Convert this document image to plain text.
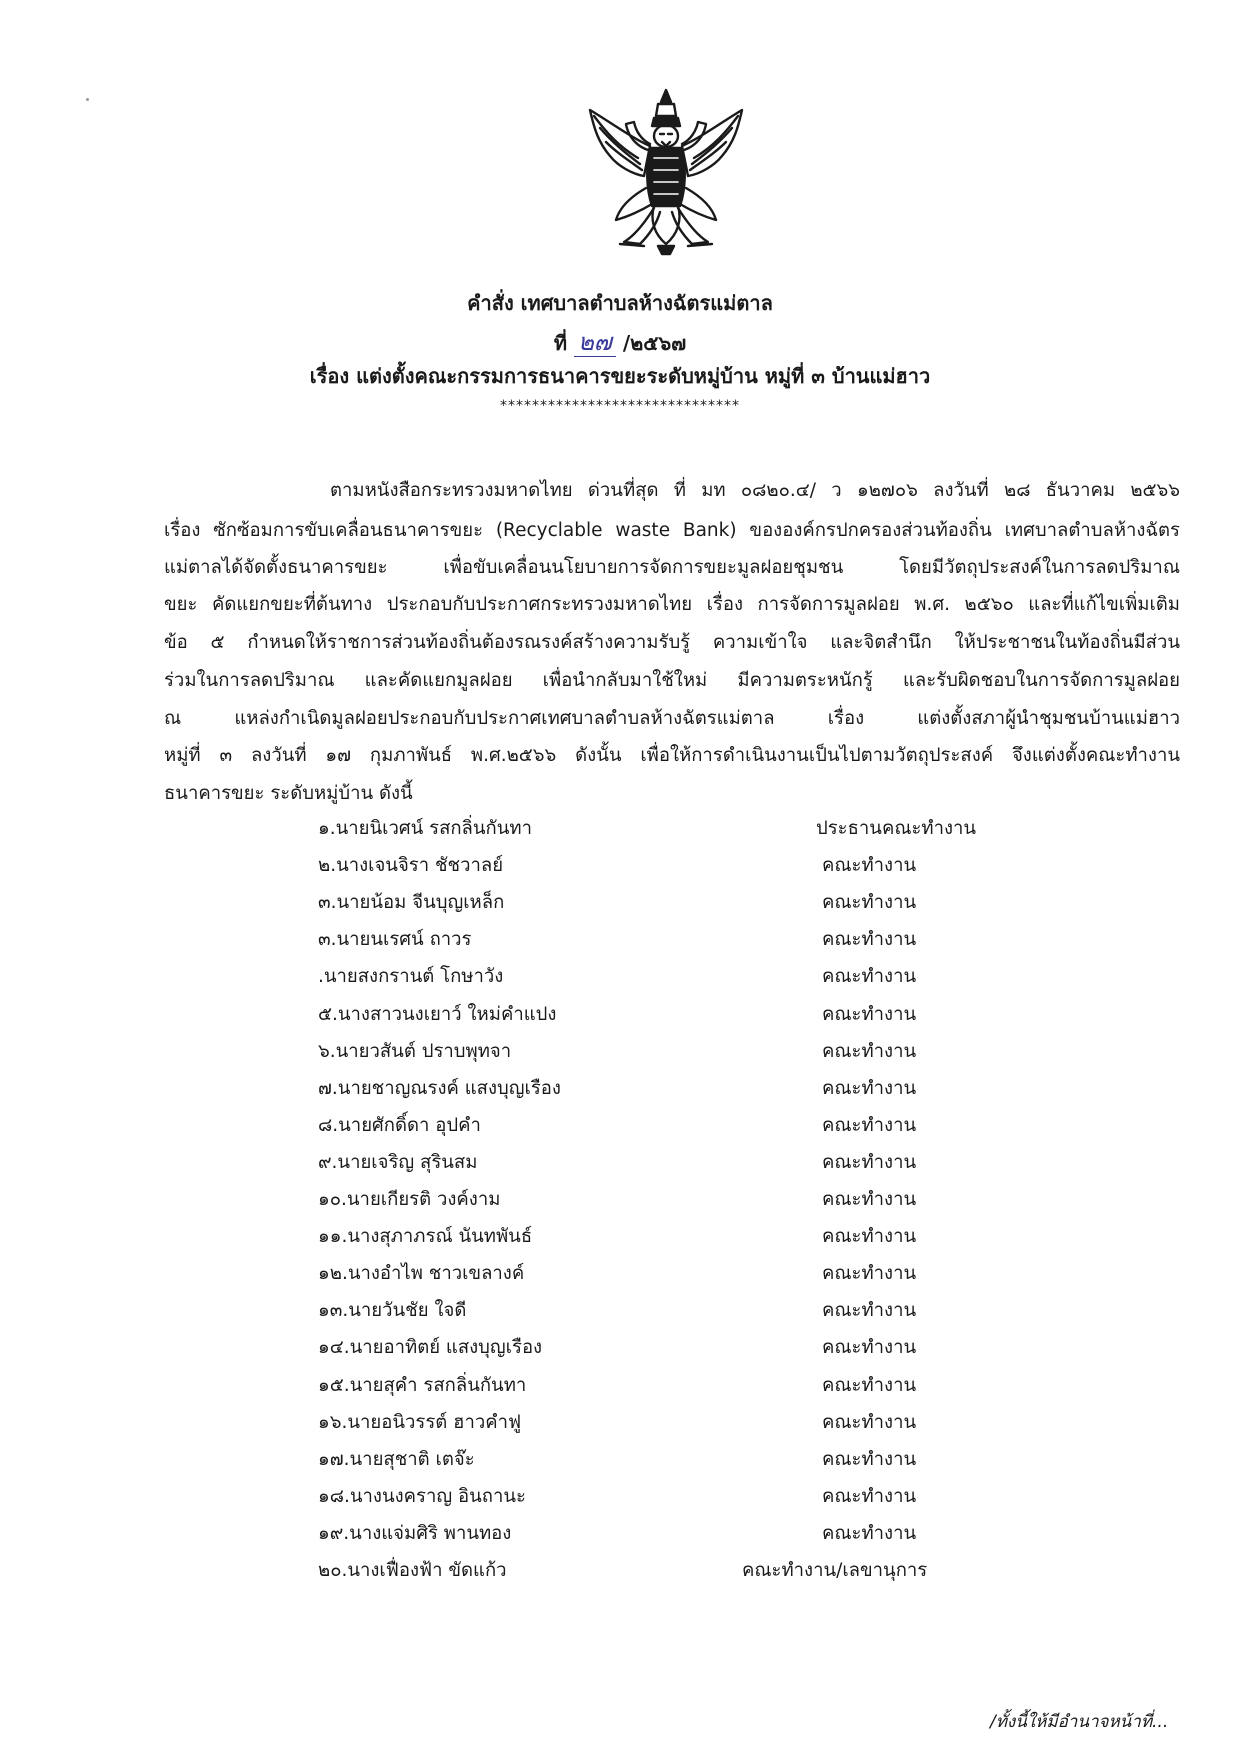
คำสั่ง เทศบาลตำบลห้างฉัตรแม่ตาล
ที่ ๒๗ /๒๕๖๗
เรื่อง แต่งตั้งคณะกรรมการธนาคารขยะระดับหมู่บ้าน หมู่ที่ ๓ บ้านแม่ฮาว
******************************
ตามหนังสือกระทรวงมหาดไทย ด่วนที่สุด ที่ มท ๐๘๒๐.๔/ ว ๑๒๗๐๖ ลงวันที่ ๒๘ ธันวาคม ๒๕๖๖
เรื่อง ซักซ้อมการขับเคลื่อนธนาคารขยะ (Recyclable waste Bank) ขององค์กรปกครองส่วนท้องถิ่น เทศบาลตำบลห้างฉัตร
แม่ตาลได้จัดตั้งธนาคารขยะ เพื่อขับเคลื่อนนโยบายการจัดการขยะมูลฝอยชุมชน โดยมีวัตถุประสงค์ในการลดปริมาณ
ขยะ คัดแยกขยะที่ต้นทาง ประกอบกับประกาศกระทรวงมหาดไทย เรื่อง การจัดการมูลฝอย พ.ศ. ๒๕๖๐ และที่แก้ไขเพิ่มเติม
ข้อ ๕ กำหนดให้ราชการส่วนท้องถิ่นต้องรณรงค์สร้างความรับรู้ ความเข้าใจ และจิตสำนึก ให้ประชาชนในท้องถิ่นมีส่วน
ร่วมในการลดปริมาณ และคัดแยกมูลฝอย เพื่อนำกลับมาใช้ใหม่ มีความตระหนักรู้ และรับผิดชอบในการจัดการมูลฝอย
ณ แหล่งกำเนิดมูลฝอยประกอบกับประกาศเทศบาลตำบลห้างฉัตรแม่ตาล เรื่อง แต่งตั้งสภาผู้นำชุมชนบ้านแม่ฮาว
หมู่ที่ ๓ ลงวันที่ ๑๗ กุมภาพันธ์ พ.ศ.๒๕๖๖ ดังนั้น เพื่อให้การดำเนินงานเป็นไปตามวัตถุประสงค์ จึงแต่งตั้งคณะทำงาน
ธนาคารขยะ ระดับหมู่บ้าน ดังนี้
๑.นายนิเวศน์ รสกลิ่นกันทา	ประธานคณะทำงาน
๒.นางเจนจิรา ชัชวาลย์	คณะทำงาน
๓.นายน้อม จีนบุญเหล็ก	คณะทำงาน
๓.นายนเรศน์ ถาวร	คณะทำงาน
.นายสงกรานต์ โกษาวัง	คณะทำงาน
๕.นางสาวนงเยาว์ ใหม่คำแปง	คณะทำงาน
๖.นายวสันต์ ปราบพุทจา	คณะทำงาน
๗.นายชาญณรงค์ แสงบุญเรือง	คณะทำงาน
๘.นายศักดิ์ดา อุปคำ	คณะทำงาน
๙.นายเจริญ สุรินสม	คณะทำงาน
๑๐.นายเกียรติ วงค์งาม	คณะทำงาน
๑๑.นางสุภาภรณ์ นันทพันธ์	คณะทำงาน
๑๒.นางอำไพ ชาวเขลางค์	คณะทำงาน
๑๓.นายวันชัย ใจดี	คณะทำงาน
๑๔.นายอาทิตย์ แสงบุญเรือง	คณะทำงาน
๑๕.นายสุคำ รสกลิ่นกันทา	คณะทำงาน
๑๖.นายอนิวรรต์ ฮาวคำฟู	คณะทำงาน
๑๗.นายสุชาติ เตจ๊ะ	คณะทำงาน
๑๘.นางนงคราญ อินถานะ	คณะทำงาน
๑๙.นางแจ่มศิริ พานทอง	คณะทำงาน
๒๐.นางเฟื่องฟ้า ขัดแก้ว	คณะทำงาน/เลขานุการ
/ทั้งนี้ให้มีอำนาจหน้าที่...
